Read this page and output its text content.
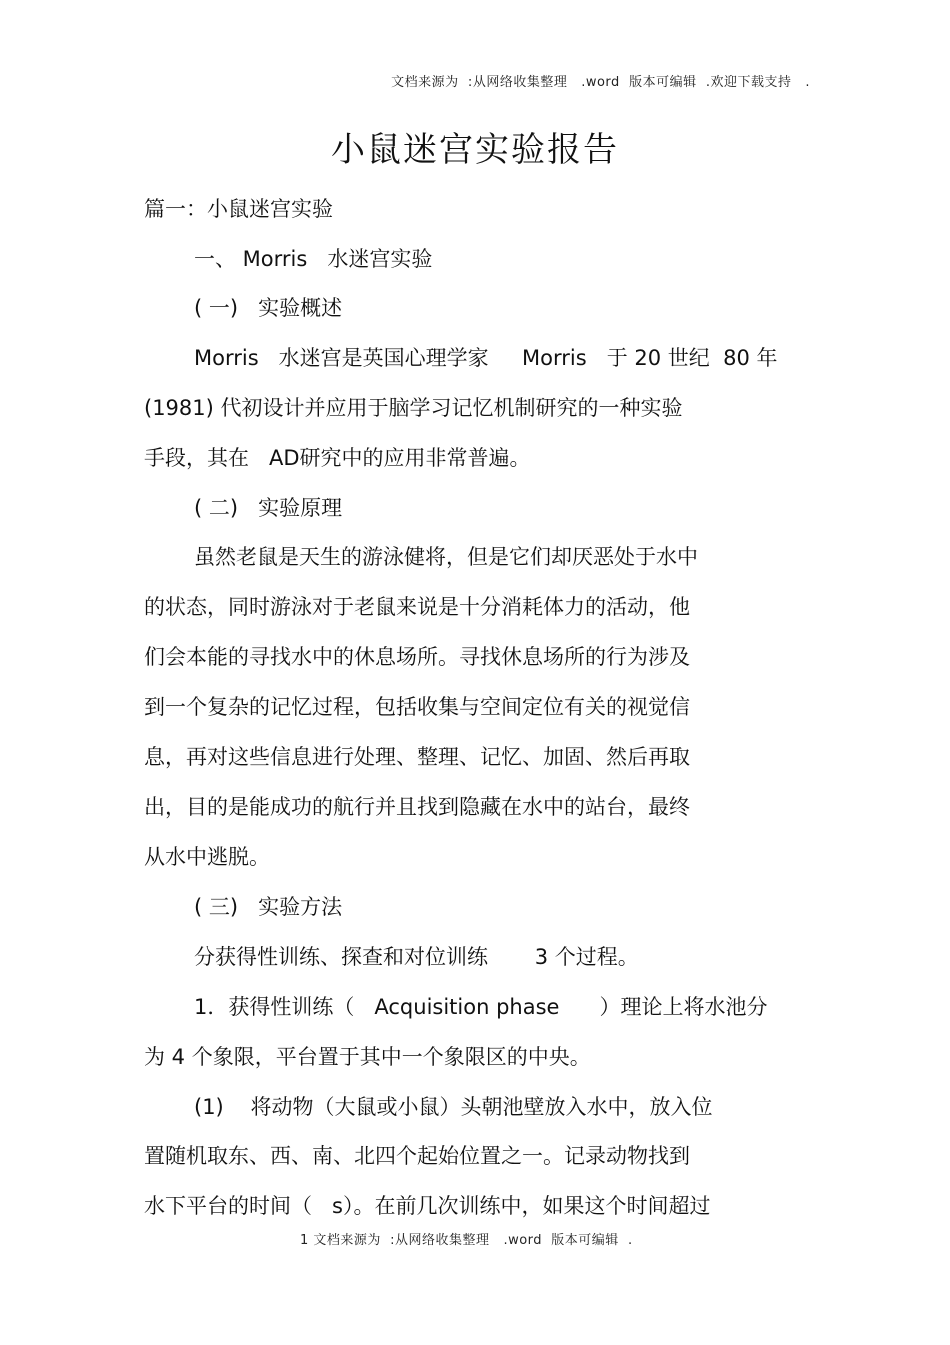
文档来源为  :从网络收集整理   .word  版本可编辑  .欢迎下载支持   .
小鼠迷宫实验报告
篇一：小鼠迷宫实验
一、 Morris   水迷宫实验
( 一)   实验概述
Morris   水迷宫是英国心理学家     Morris   于 20 世纪  80 年
(1981) 代初设计并应用于脑学习记忆机制研究的一种实验
手段，其在   AD研究中的应用非常普遍。
( 二)   实验原理
虽然老鼠是天生的游泳健将，但是它们却厌恶处于水中
的状态，同时游泳对于老鼠来说是十分消耗体力的活动，他
们会本能的寻找水中的休息场所。寻找休息场所的行为涉及
到一个复杂的记忆过程，包括收集与空间定位有关的视觉信
息，再对这些信息进行处理、整理、记忆、加固、然后再取
出，目的是能成功的航行并且找到隐藏在水中的站台，最终
从水中逃脱。
( 三)   实验方法
分获得性训练、探查和对位训练       3 个过程。
1．获得性训练（   Acquisition phase      ）理论上将水池分
为 4 个象限，平台置于其中一个象限区的中央。
(1)    将动物（大鼠或小鼠）头朝池壁放入水中，放入位
置随机取东、西、南、北四个起始位置之一。记录动物找到
水下平台的时间（   s）。在前几次训练中，如果这个时间超过
1 文档来源为  :从网络收集整理   .word  版本可编辑  .
